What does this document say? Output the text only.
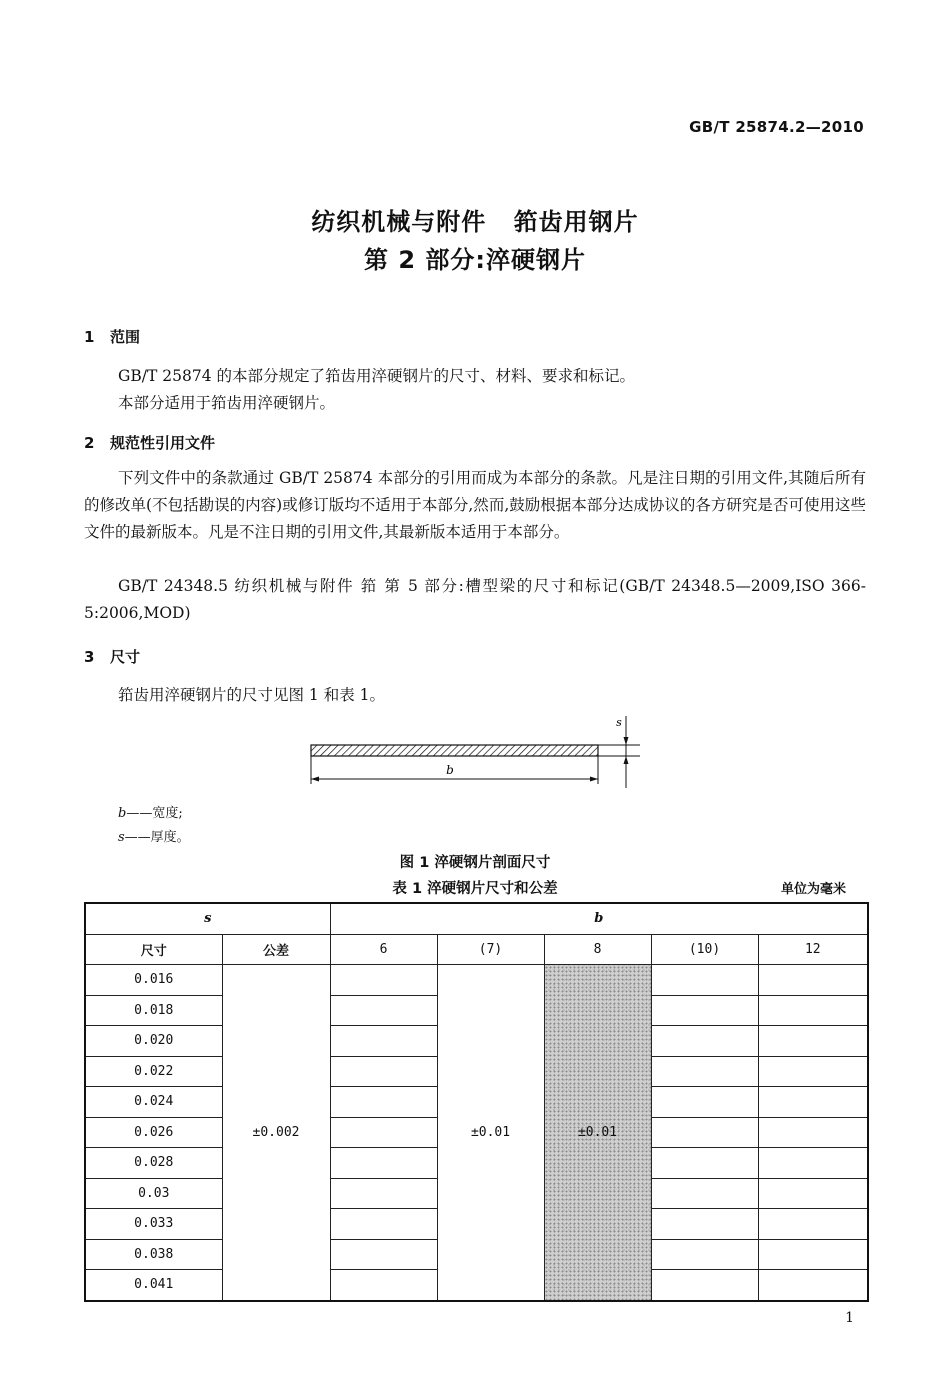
GB/T 25874.2—2010
纺织机械与附件 筘齿用钢片
第 2 部分:淬硬钢片
1 范围
GB/T 25874 的本部分规定了筘齿用淬硬钢片的尺寸、材料、要求和标记。
本部分适用于筘齿用淬硬钢片。
2 规范性引用文件
下列文件中的条款通过 GB/T 25874 本部分的引用而成为本部分的条款。凡是注日期的引用文件,其随后所有的修改单(不包括勘误的内容)或修订版均不适用于本部分,然而,鼓励根据本部分达成协议的各方研究是否可使用这些文件的最新版本。凡是不注日期的引用文件,其最新版本适用于本部分。
GB/T 24348.5 纺织机械与附件 筘 第 5 部分:槽型梁的尺寸和标记(GB/T 24348.5—2009,ISO 366-5:2006,MOD)
3 尺寸
筘齿用淬硬钢片的尺寸见图 1 和表 1。
b
s
b——宽度;
s——厚度。
图 1 淬硬钢片剖面尺寸
表 1 淬硬钢片尺寸和公差	单位为毫米
s		b				
尺寸	公差	6	(7)	8	(10)	12
0.016	±0.002		±0.01	±0.01		
0.018						
0.020						
0.022						
0.024						
0.026						
0.028						
0.03						
0.033						
0.038						
0.041						
1
